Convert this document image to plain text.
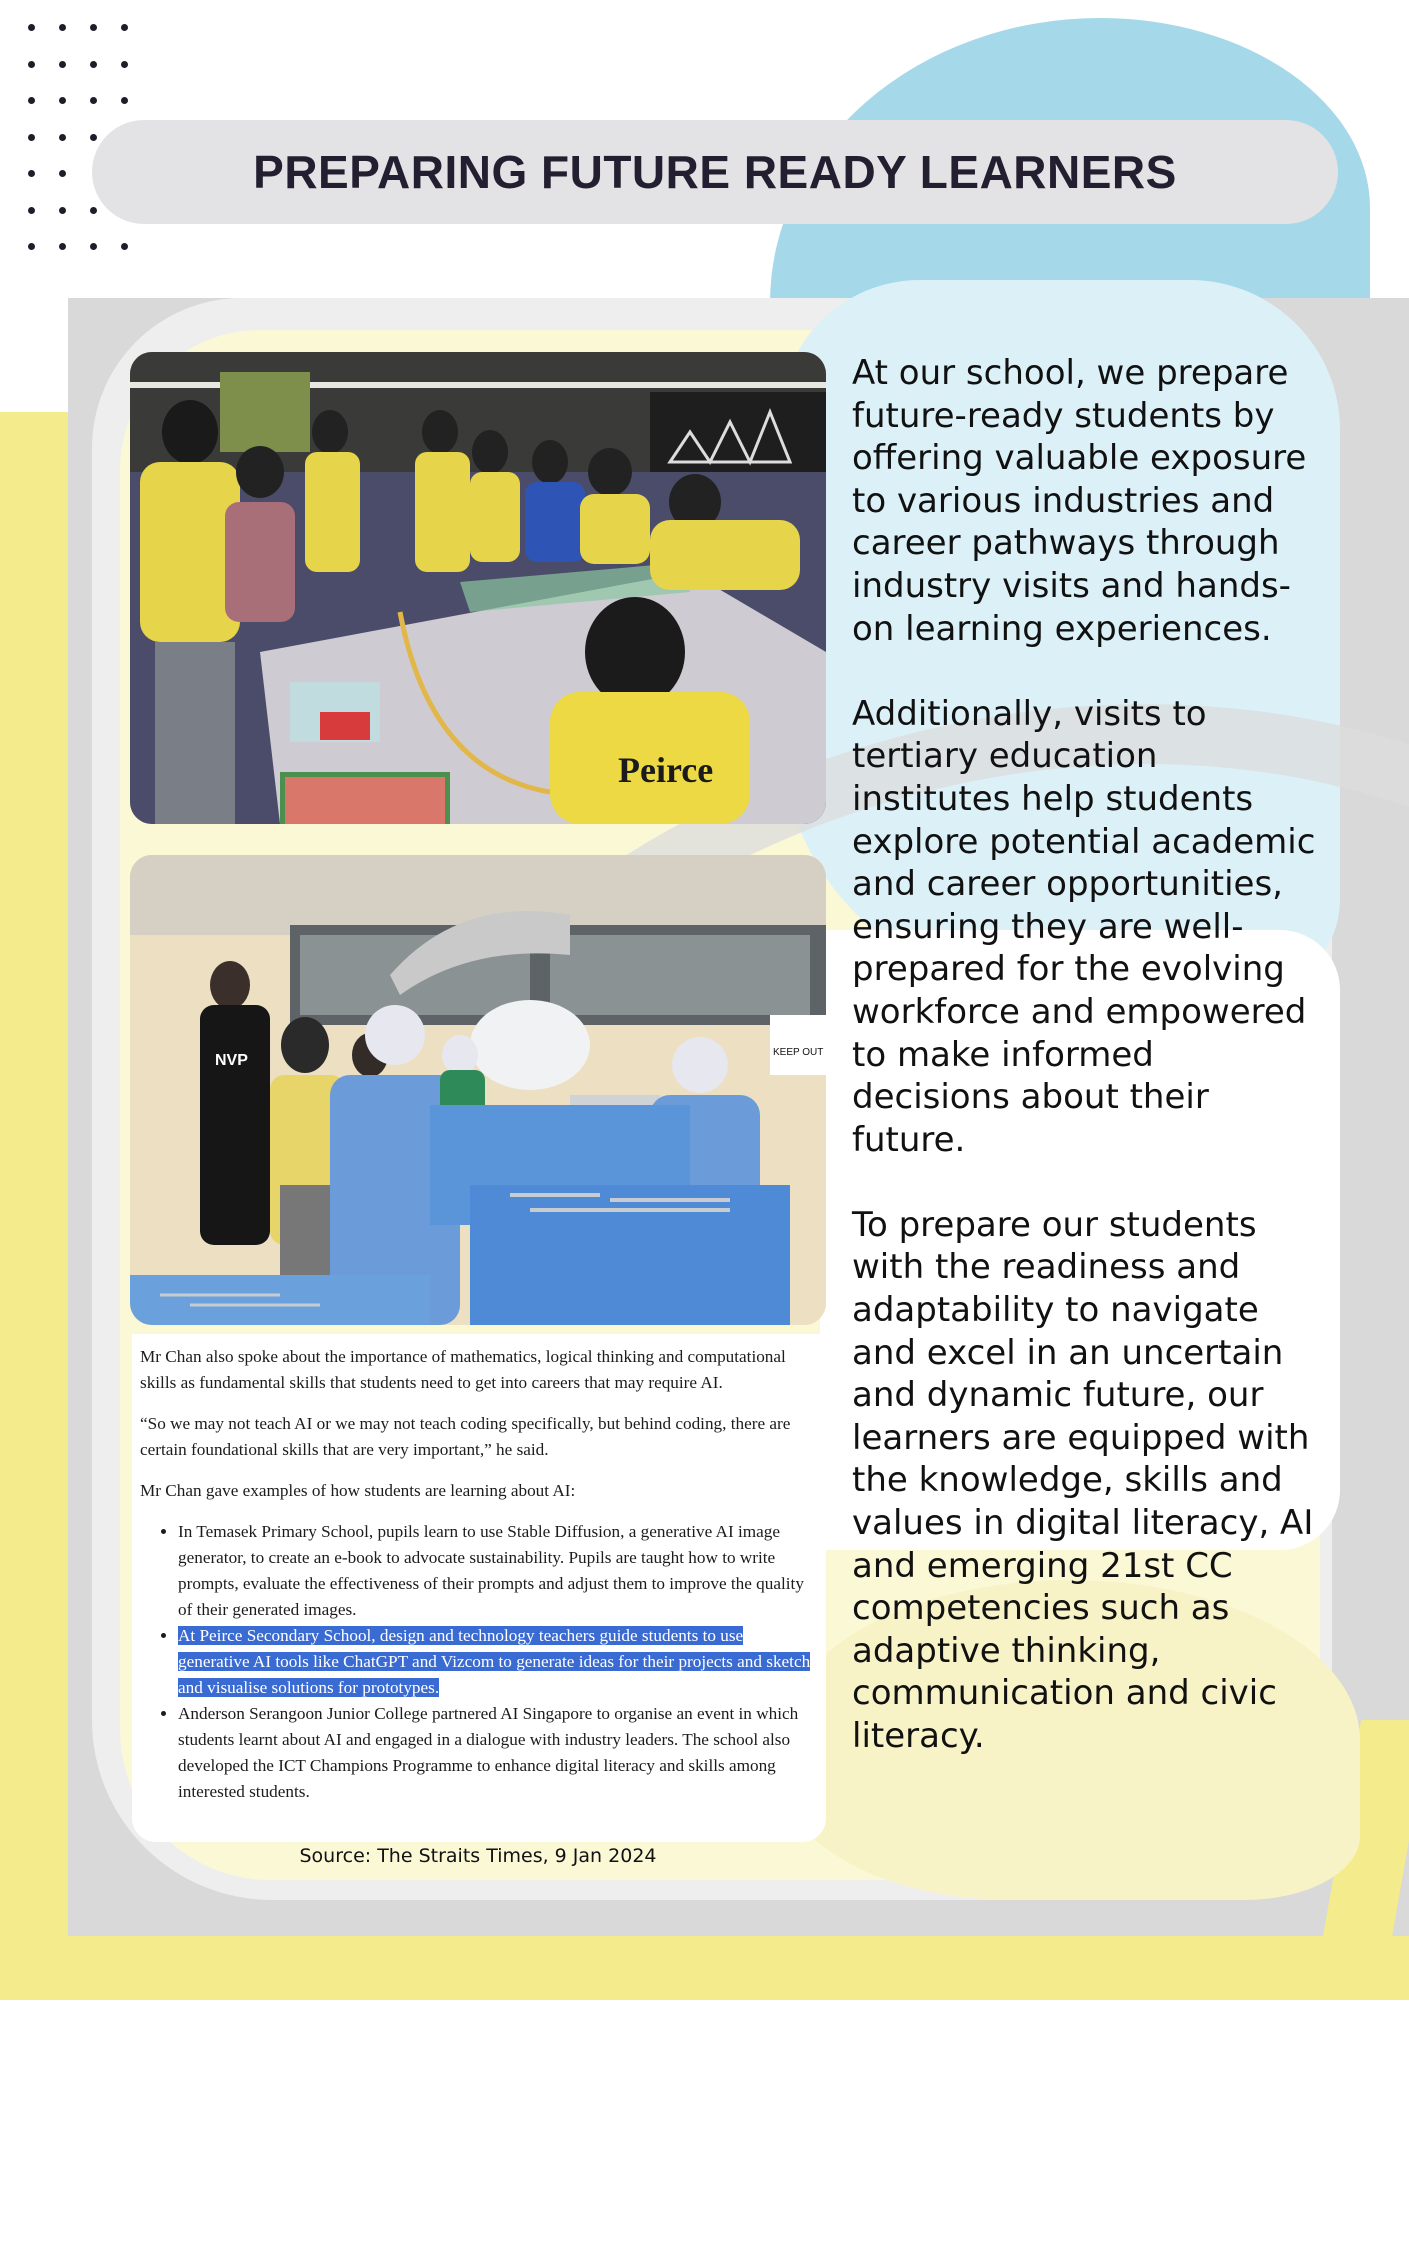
PREPARING FUTURE READY LEARNERS
Peirce
KEEP OUT
NVP

Mr Chan also spoke about the importance of mathematics, logical thinking and computational skills as fundamental skills that students need to get into careers that may require AI.

“So we may not teach AI or we may not teach coding specifically, but behind coding, there are certain foundational skills that are very important,” he said.

Mr Chan gave examples of how students are learning about AI:

• In Temasek Primary School, pupils learn to use Stable Diffusion, a generative AI image generator, to create an e-book to advocate sustainability. Pupils are taught how to write prompts, evaluate the effectiveness of their prompts and adjust them to improve the quality of their generated images.
• At Peirce Secondary School, design and technology teachers guide students to use generative AI tools like ChatGPT and Vizcom to generate ideas for their projects and sketch and visualise solutions for prototypes.
• Anderson Serangoon Junior College partnered AI Singapore to organise an event in which students learnt about AI and engaged in a dialogue with industry leaders. The school also developed the ICT Champions Programme to enhance digital literacy and skills among interested students.
Source: The Straits Times, 9 Jan 2024

At our school, we prepare future-ready students by offering valuable exposure to various industries and career pathways through industry visits and hands-on learning experiences.

Additionally, visits to tertiary education institutes help students explore potential academic and career opportunities, ensuring they are well-prepared for the evolving workforce and empowered to make informed decisions about their future.

To prepare our students with the readiness and adaptability to navigate and excel in an uncertain and dynamic future, our learners are equipped with the knowledge, skills and values in digital literacy, AI and emerging 21st CC competencies such as adaptive thinking, communication and civic literacy.
